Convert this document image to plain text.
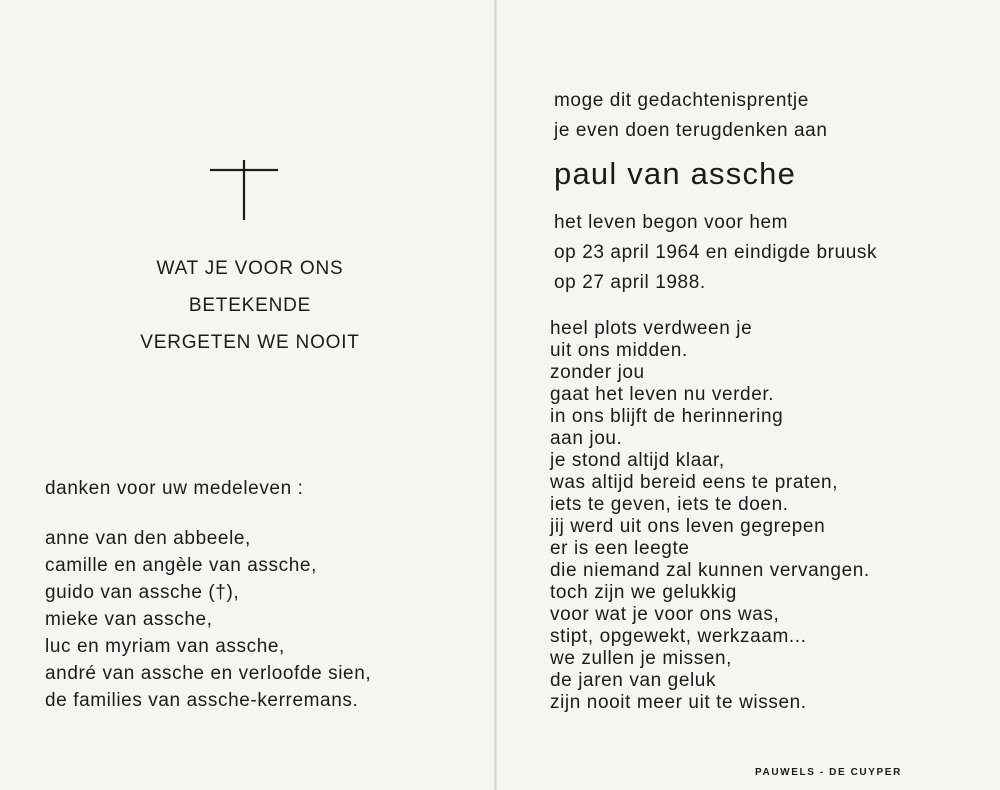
WAT JE VOOR ONS
BETEKENDE
VERGETEN WE NOOIT
danken voor uw medeleven :
anne van den abbeele,
camille en angèle van assche,
guido van assche (†),
mieke van assche,
luc en myriam van assche,
andré van assche en verloofde sien,
de families van assche-kerremans.
moge dit gedachtenisprentje
je even doen terugdenken aan
paul van assche
het leven begon voor hem
op 23 april 1964 en eindigde bruusk
op 27 april 1988.
heel plots verdween je
uit ons midden.
zonder jou
gaat het leven nu verder.
in ons blijft de herinnering
aan jou.
je stond altijd klaar,
was altijd bereid eens te praten,
iets te geven, iets te doen.
jij werd uit ons leven gegrepen
er is een leegte
die niemand zal kunnen vervangen.
toch zijn we gelukkig
voor wat je voor ons was,
stipt, opgewekt, werkzaam...
we zullen je missen,
de jaren van geluk
zijn nooit meer uit te wissen.
PAUWELS - DE CUYPER
